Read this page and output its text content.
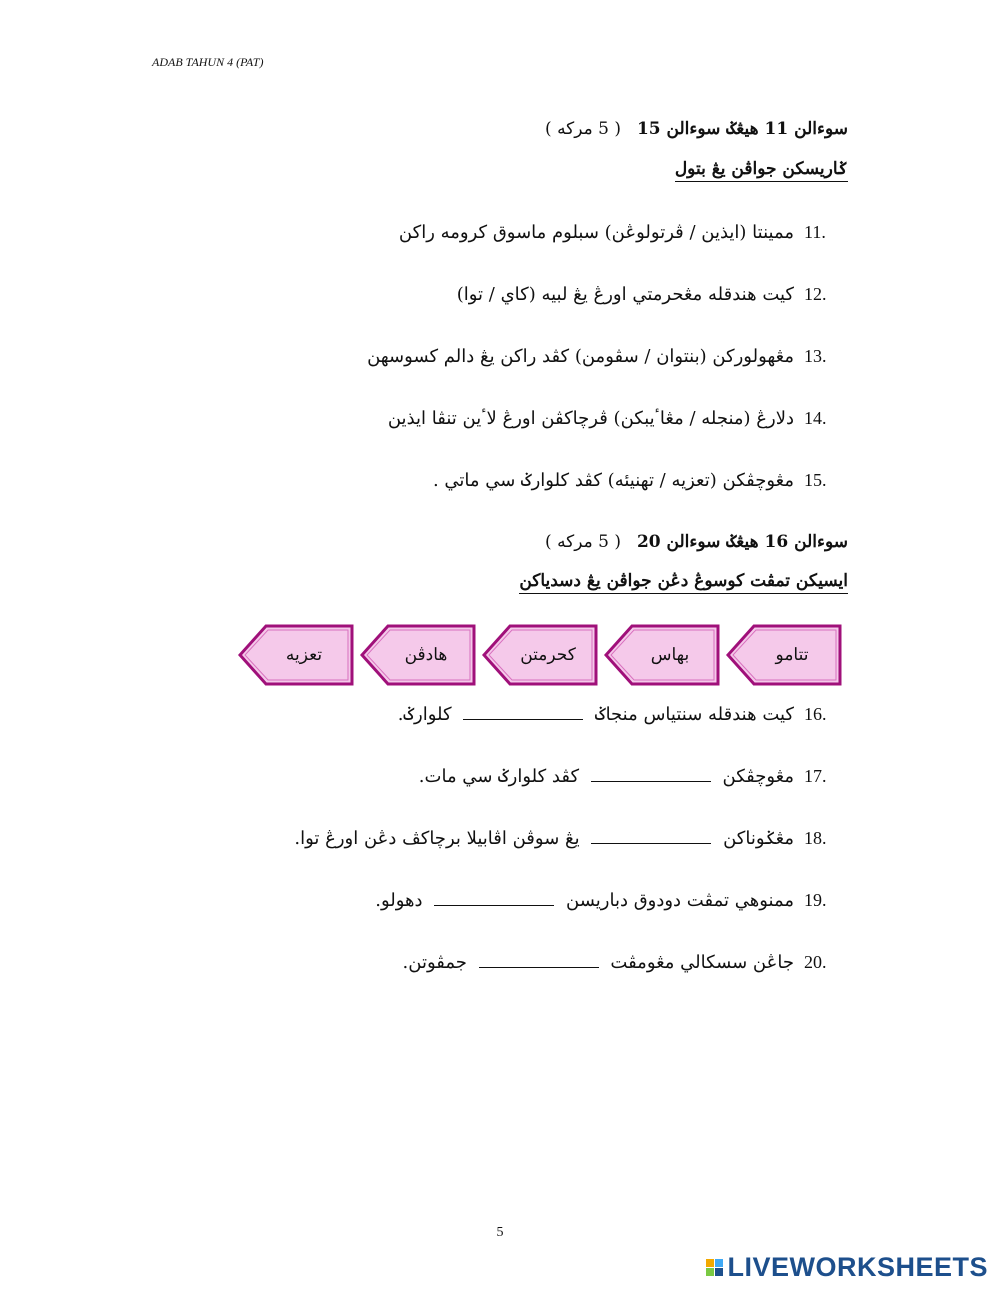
ADAB TAHUN 4 (PAT)
سوءالن 11 هيڠݢ سوءالن 15 ( 5 مرکه )
ݢاريسکن جواڤن يڠ بتول
11.
ممينتا (ايذين / ڤرتولوڠن) سبلوم ماسوق کرومه راکن
12.
کيت هندقله مڠحرمتي اورڠ يڠ لبيه (کاي / توا)
13.
مڠهولورکن (بنتوان / سڤومن) کڤد راکن يڠ دالم کسوسهن
14.
دلارڠ (منجله / مڠاٴيبکن) ڤرچاکڤن اورڠ لاٴين تنڤا ايذين
15.
مڠوچڤکن (تعزيه / تهنيئه) کڤد کلوارݢ سي ماتي .
سوءالن 16 هيڠݢ سوءالن 20 ( 5 مرکه )
ايسيکن تمڤت کوسوڠ دڠن جواڤن يڠ دسدياکن
تتامو
بهاس
کحرمتن
هادڤن
تعزيه
16.
کيت هندقله سنتياس منجاݢ  کلوارݢ.
17.
مڠوچڤکن  کڤد کلوارݢ سي مات.
18.
مڠݢوناکن  يڠ سوڤن اڤابيلا برچاکڤ دڠن اورڠ توا.
19.
ممنوهي تمڤت دودوق دباريسن  دهولو.
20.
جاڠن سسکالي مڠومڤت  جمڤوتن.
5
LIVEWORKSHEETS
